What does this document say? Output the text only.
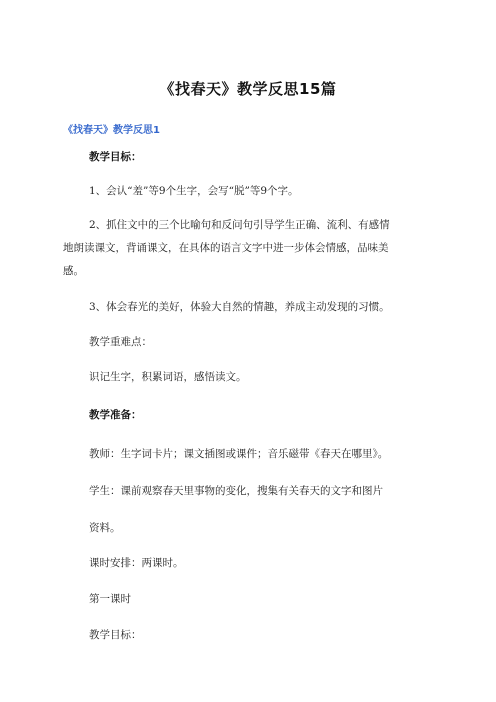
《找春天》教学反思15篇
《找春天》教学反思1
教学目标：
1、会认“羞”等9个生字，会写“脱”等9个字。
2、抓住文中的三个比喻句和反问句引导学生正确、流利、有感情
地朗读课文，背诵课文，在具体的语言文字中进一步体会情感，品味美
感。
3、体会春光的美好，体验大自然的情趣，养成主动发现的习惯。
教学重难点：
识记生字，积累词语，感悟读文。
教学准备：
教师：生字词卡片；课文插图或课件；音乐磁带《春天在哪里》。
学生：课前观察春天里事物的变化，搜集有关春天的文字和图片
资料。
课时安排：两课时。
第一课时
教学目标：
